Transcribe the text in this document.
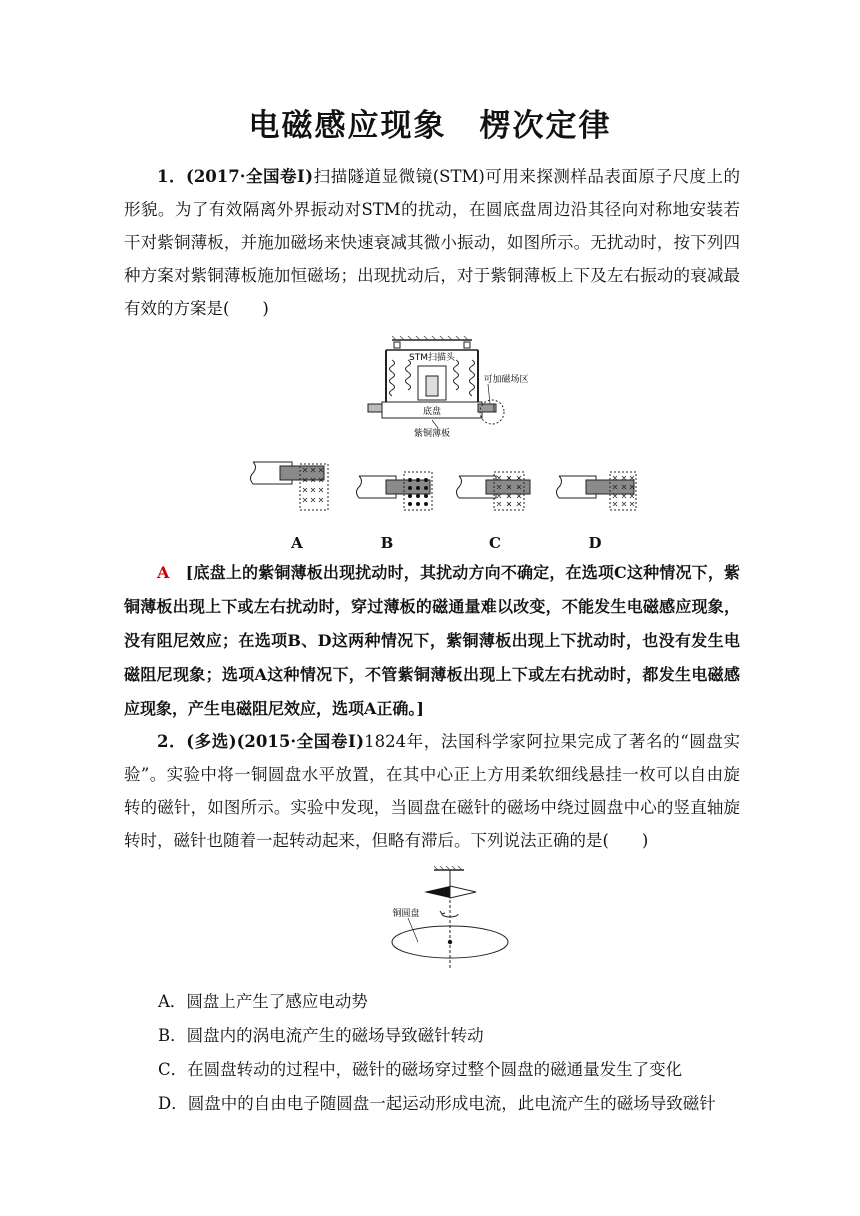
电磁感应现象　楞次定律
1．(2017·全国卷Ⅰ)扫描隧道显微镜(STM)可用来探测样品表面原子尺度上的形貌。为了有效隔离外界振动对STM的扰动，在圆底盘周边沿其径向对称地安装若干对紫铜薄板，并施加磁场来快速衰减其微小振动，如图所示。无扰动时，按下列四种方案对紫铜薄板施加恒磁场；出现扰动后，对于紫铜薄板上下及左右振动的衰减最有效的方案是(　　)
STM扫描头
可加磁场区
底盘
紫铜薄板
A	B	C	D
A　 [底盘上的紫铜薄板出现扰动时，其扰动方向不确定，在选项C这种情况下，紫铜薄板出现上下或左右扰动时，穿过薄板的磁通量难以改变，不能发生电磁感应现象，没有阻尼效应；在选项B、D这两种情况下，紫铜薄板出现上下扰动时，也没有发生电磁阻尼现象；选项A这种情况下，不管紫铜薄板出现上下或左右扰动时，都发生电磁感应现象，产生电磁阻尼效应，选项A正确。]
2．(多选)(2015·全国卷Ⅰ)1824年，法国科学家阿拉果完成了著名的“圆盘实验”。实验中将一铜圆盘水平放置，在其中心正上方用柔软细线悬挂一枚可以自由旋转的磁针，如图所示。实验中发现，当圆盘在磁针的磁场中绕过圆盘中心的竖直轴旋转时，磁针也随着一起转动起来，但略有滞后。下列说法正确的是(　　)
铜圆盘
A．圆盘上产生了感应电动势
B．圆盘内的涡电流产生的磁场导致磁针转动
C．在圆盘转动的过程中，磁针的磁场穿过整个圆盘的磁通量发生了变化
D．圆盘中的自由电子随圆盘一起运动形成电流，此电流产生的磁场导致磁针
